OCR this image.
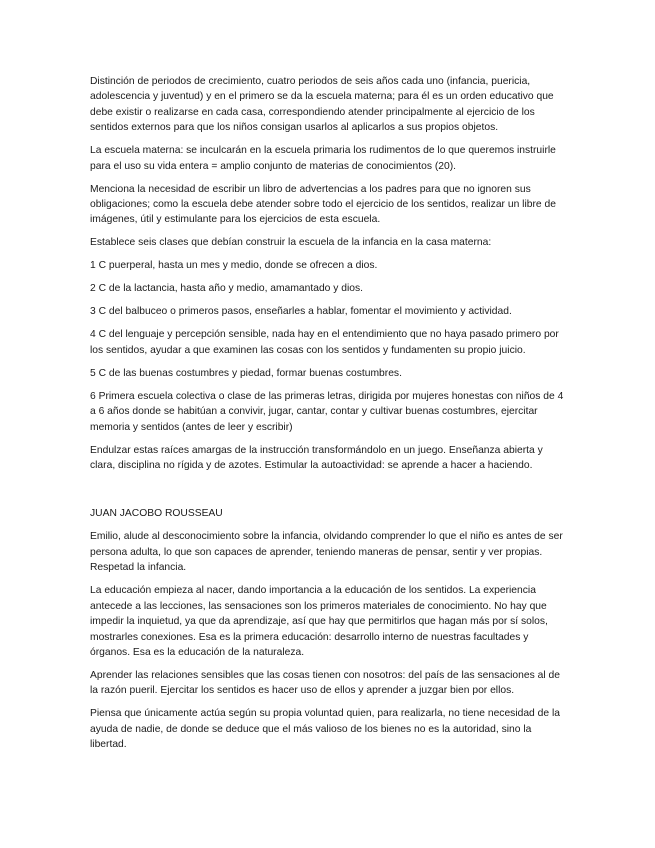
Distinción de periodos de crecimiento, cuatro periodos de seis años cada uno (infancia, puericia, adolescencia y juventud) y en el primero se da la escuela materna; para él es un orden educativo que debe existir o realizarse en cada casa, correspondiendo atender principalmente al ejercicio de los sentidos externos para que los niños consigan usarlos al aplicarlos a sus propios objetos.

La escuela materna: se inculcarán en la escuela primaria los rudimentos de lo que queremos instruirle para el uso su vida entera = amplio conjunto de materias de conocimientos (20).

Menciona la necesidad de escribir un libro de advertencias a los padres para que no ignoren sus obligaciones; como la escuela debe atender sobre todo el ejercicio de los sentidos, realizar un libre de imágenes, útil y estimulante para los ejercicios de esta escuela.

Establece seis clases que debían construir la escuela de la infancia en la casa materna:

1 C puerperal, hasta un mes y medio, donde se ofrecen a dios.

2 C de la lactancia, hasta año y medio, amamantado y dios.

3 C del balbuceo o primeros pasos, enseñarles a hablar, fomentar el movimiento y actividad.

4 C del lenguaje y percepción sensible, nada hay en el entendimiento que no haya pasado primero por los sentidos, ayudar a que examinen las cosas con los sentidos y fundamenten su propio juicio.

5 C de las buenas costumbres y piedad, formar buenas costumbres.

6 Primera escuela colectiva o clase de las primeras letras, dirigida por mujeres honestas con niños de 4 a 6 años donde se habitúan a convivir, jugar, cantar, contar y cultivar buenas costumbres, ejercitar memoria y sentidos (antes de leer y escribir)

Endulzar estas raíces amargas de la instrucción transformándolo en un juego. Enseñanza abierta y clara, disciplina no rígida y de azotes. Estimular la autoactividad: se aprende a hacer a haciendo.

JUAN JACOBO ROUSSEAU

Emilio, alude al desconocimiento sobre la infancia, olvidando comprender lo que el niño es antes de ser persona adulta, lo que son capaces de aprender, teniendo maneras de pensar, sentir y ver propias. Respetad la infancia.

La educación empieza al nacer, dando importancia a la educación de los sentidos. La experiencia antecede a las lecciones, las sensaciones son los primeros materiales de conocimiento. No hay que impedir la inquietud, ya que da aprendizaje, así que hay que permitirlos que hagan más por sí solos, mostrarles conexiones. Esa es la primera educación: desarrollo interno de nuestras facultades y órganos. Esa es la educación de la naturaleza.

Aprender las relaciones sensibles que las cosas tienen con nosotros: del país de las sensaciones al de la razón pueril. Ejercitar los sentidos es hacer uso de ellos y aprender a juzgar bien por ellos.

Piensa que únicamente actúa según su propia voluntad quien, para realizarla, no tiene necesidad de la ayuda de nadie, de donde se deduce que el más valioso de los bienes no es la autoridad, sino la libertad.
